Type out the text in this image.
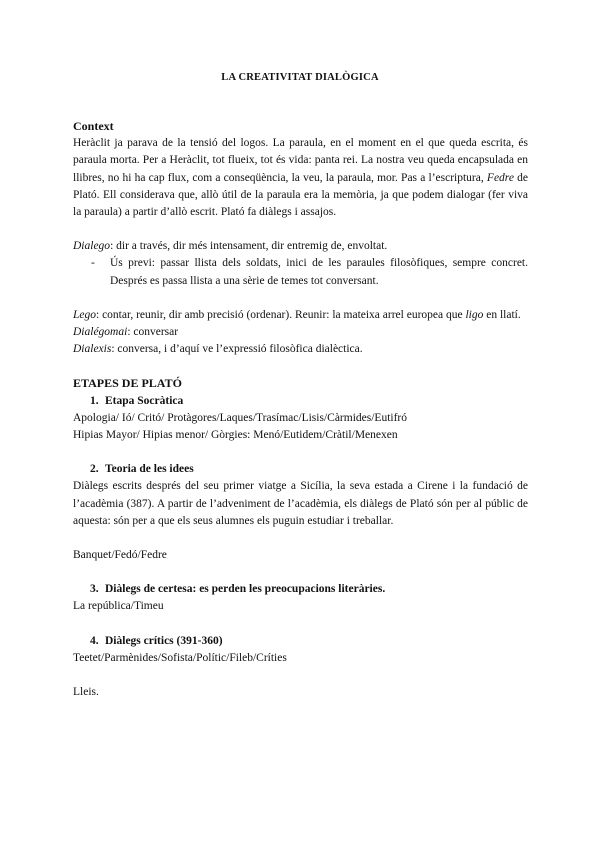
LA CREATIVITAT DIALÒGICA

Context

Heràclit ja parava de la tensió del logos. La paraula, en el moment en el que queda escrita, és paraula morta. Per a Heràclit, tot flueix, tot és vida: panta rei. La nostra veu queda encapsulada en llibres, no hi ha cap flux, com a conseqüència, la veu, la paraula, mor. Pas a l’escriptura, Fedre de Plató. Ell considerava que, allò útil de la paraula era la memòria, ja que podem dialogar (fer viva la paraula) a partir d’allò escrit. Plató fa diàlegs i assajos.

Dialego: dir a través, dir més intensament, dir entremig de, envoltat.

- Ús previ: passar llista dels soldats, inici de les paraules filosòfiques, sempre concret. Després es passa llista a una sèrie de temes tot conversant.

Lego: contar, reunir, dir amb precisió (ordenar). Reunir: la mateixa arrel europea que ligo en llatí.

Dialégomai: conversar

Dialexis: conversa, i d’aquí ve l’expressió filosòfica dialèctica.

ETAPES DE PLATÓ

1. Etapa Socràtica

Apologia/ Ió/ Critó/ Protàgores/Laques/Trasímac/Lisis/Càrmides/Eutifró

Hipias Mayor/ Hipias menor/ Gòrgies: Menó/Eutidem/Cràtil/Menexen

2. Teoria de les idees

Diàlegs escrits després del seu primer viatge a Sicília, la seva estada a Cirene i la fundació de l’acadèmia (387). A partir de l’adveniment de l’acadèmia, els diàlegs de Plató són per al públic de aquesta: són per a que els seus alumnes els puguin estudiar i treballar.

Banquet/Fedó/Fedre

3. Diàlegs de certesa: es perden les preocupacions literàries.

La república/Timeu

4. Diàlegs crítics (391-360)

Teetet/Parmènides/Sofista/Polític/Fileb/Críties

Lleis.
